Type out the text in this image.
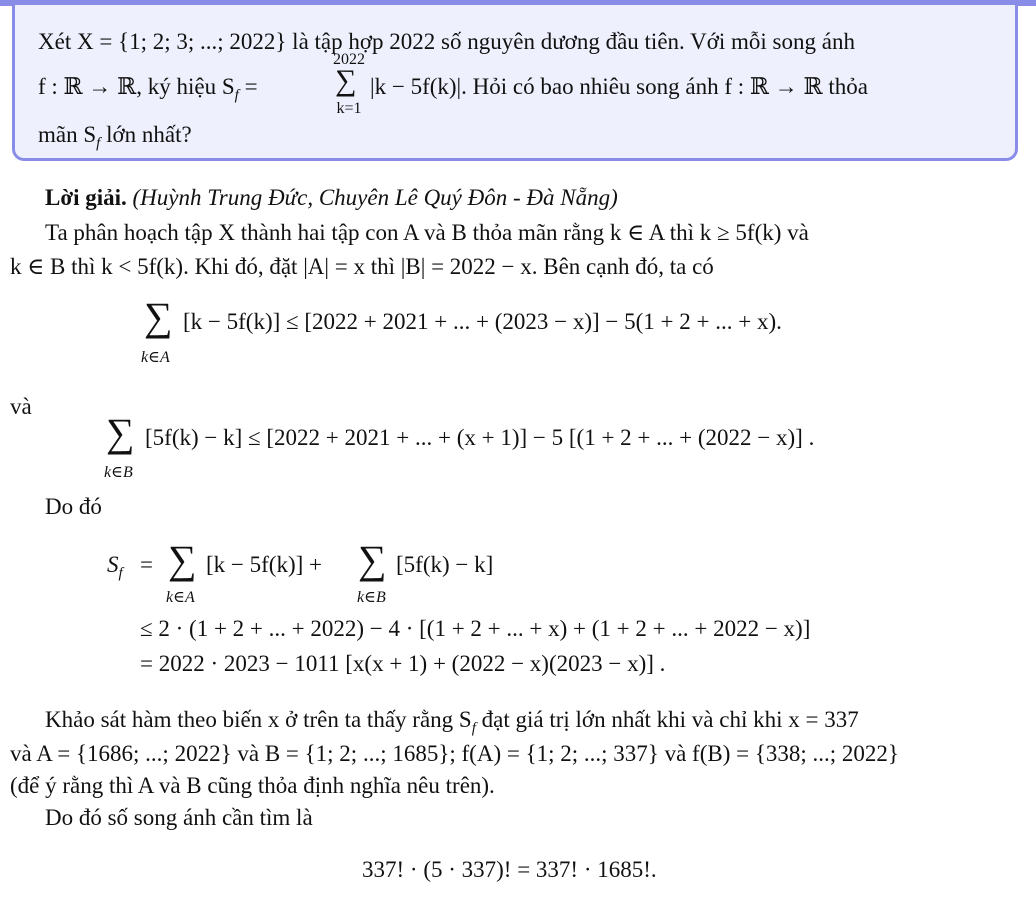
Xét X = {1; 2; 3; ...; 2022} là tập hợp 2022 số nguyên dương đầu tiên. Với mỗi song ánh
f : ℝ → ℝ, ký hiệu $S_f$ =
2022
∑
k=1
|k − 5f(k)|. Hỏi có bao nhiêu song ánh f : ℝ → ℝ thỏa
mãn $S_f$ lớn nhất?
Lời giải. (Huỳnh Trung Đức, Chuyên Lê Quý Đôn - Đà Nẵng)
Ta phân hoạch tập X thành hai tập con A và B thỏa mãn rằng k ∈ A thì k ≥ 5f(k) và
k ∈ B thì k < 5f(k). Khi đó, đặt |A| = x thì |B| = 2022 − x. Bên cạnh đó, ta có
∑
k∈A
[k − 5f(k)] ≤ [2022 + 2021 + ... + (2023 − x)] − 5(1 + 2 + ... + x).
và
∑
k∈B
[5f(k) − k] ≤ [2022 + 2021 + ... + (x + 1)] − 5 [(1 + 2 + ... + (2022 − x)] .
Do đó
$S_f$ = ∑
k∈A
[k − 5f(k)] + ∑
k∈B
[5f(k) − k]
≤ 2 · (1 + 2 + ... + 2022) − 4 · [(1 + 2 + ... + x) + (1 + 2 + ... + 2022 − x)]
= 2022 · 2023 − 1011 [x(x + 1) + (2022 − x)(2023 − x)] .
Khảo sát hàm theo biến x ở trên ta thấy rằng $S_f$ đạt giá trị lớn nhất khi và chỉ khi x = 337
và A = {1686; ...; 2022} và B = {1; 2; ...; 1685}; f(A) = {1; 2; ...; 337} và f(B) = {338; ...; 2022}
(để ý rằng thì A và B cũng thỏa định nghĩa nêu trên).
Do đó số song ánh cần tìm là
337! · (5 · 337)! = 337! · 1685!.
